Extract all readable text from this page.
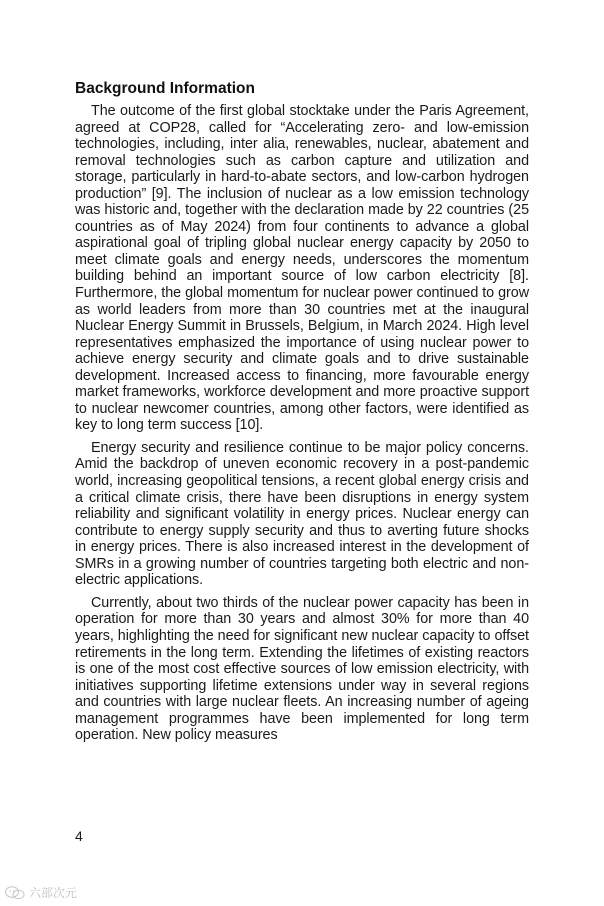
Background Information

The outcome of the first global stocktake under the Paris Agreement, agreed at COP28, called for “Accelerating zero- and low-emission technologies, including, inter alia, renewables, nuclear, abatement and removal technologies such as carbon capture and utilization and storage, particularly in hard-to-abate sectors, and low-carbon hydrogen production” [9]. The inclusion of nuclear as a low emission technology was historic and, together with the declaration made by 22 countries (25 countries as of May 2024) from four continents to advance a global aspirational goal of tripling global nuclear energy capacity by 2050 to meet climate goals and energy needs, underscores the momentum building behind an important source of low carbon electricity [8]. Furthermore, the global momentum for nuclear power continued to grow as world leaders from more than 30 countries met at the inaugural Nuclear Energy Summit in Brussels, Belgium, in March 2024. High level representatives emphasized the importance of using nuclear power to achieve energy security and climate goals and to drive sustainable development. Increased access to financing, more favourable energy market frameworks, workforce development and more proactive support to nuclear newcomer countries, among other factors, were identified as key to long term success [10].

Energy security and resilience continue to be major policy concerns. Amid the backdrop of uneven economic recovery in a post-pandemic world, increasing geopolitical tensions, a recent global energy crisis and a critical climate crisis, there have been disruptions in energy system reliability and significant volatility in energy prices. Nuclear energy can contribute to energy supply security and thus to averting future shocks in energy prices. There is also increased interest in the development of SMRs in a growing number of countries targeting both electric and non-electric applications.

Currently, about two thirds of the nuclear power capacity has been in operation for more than 30 years and almost 30% for more than 40 years, highlighting the need for significant new nuclear capacity to offset retirements in the long term. Extending the lifetimes of existing reactors is one of the most cost effective sources of low emission electricity, with initiatives supporting lifetime extensions under way in several regions and countries with large nuclear fleets. An increasing number of ageing management programmes have been implemented for long term operation. New policy measures

4
六部次元
